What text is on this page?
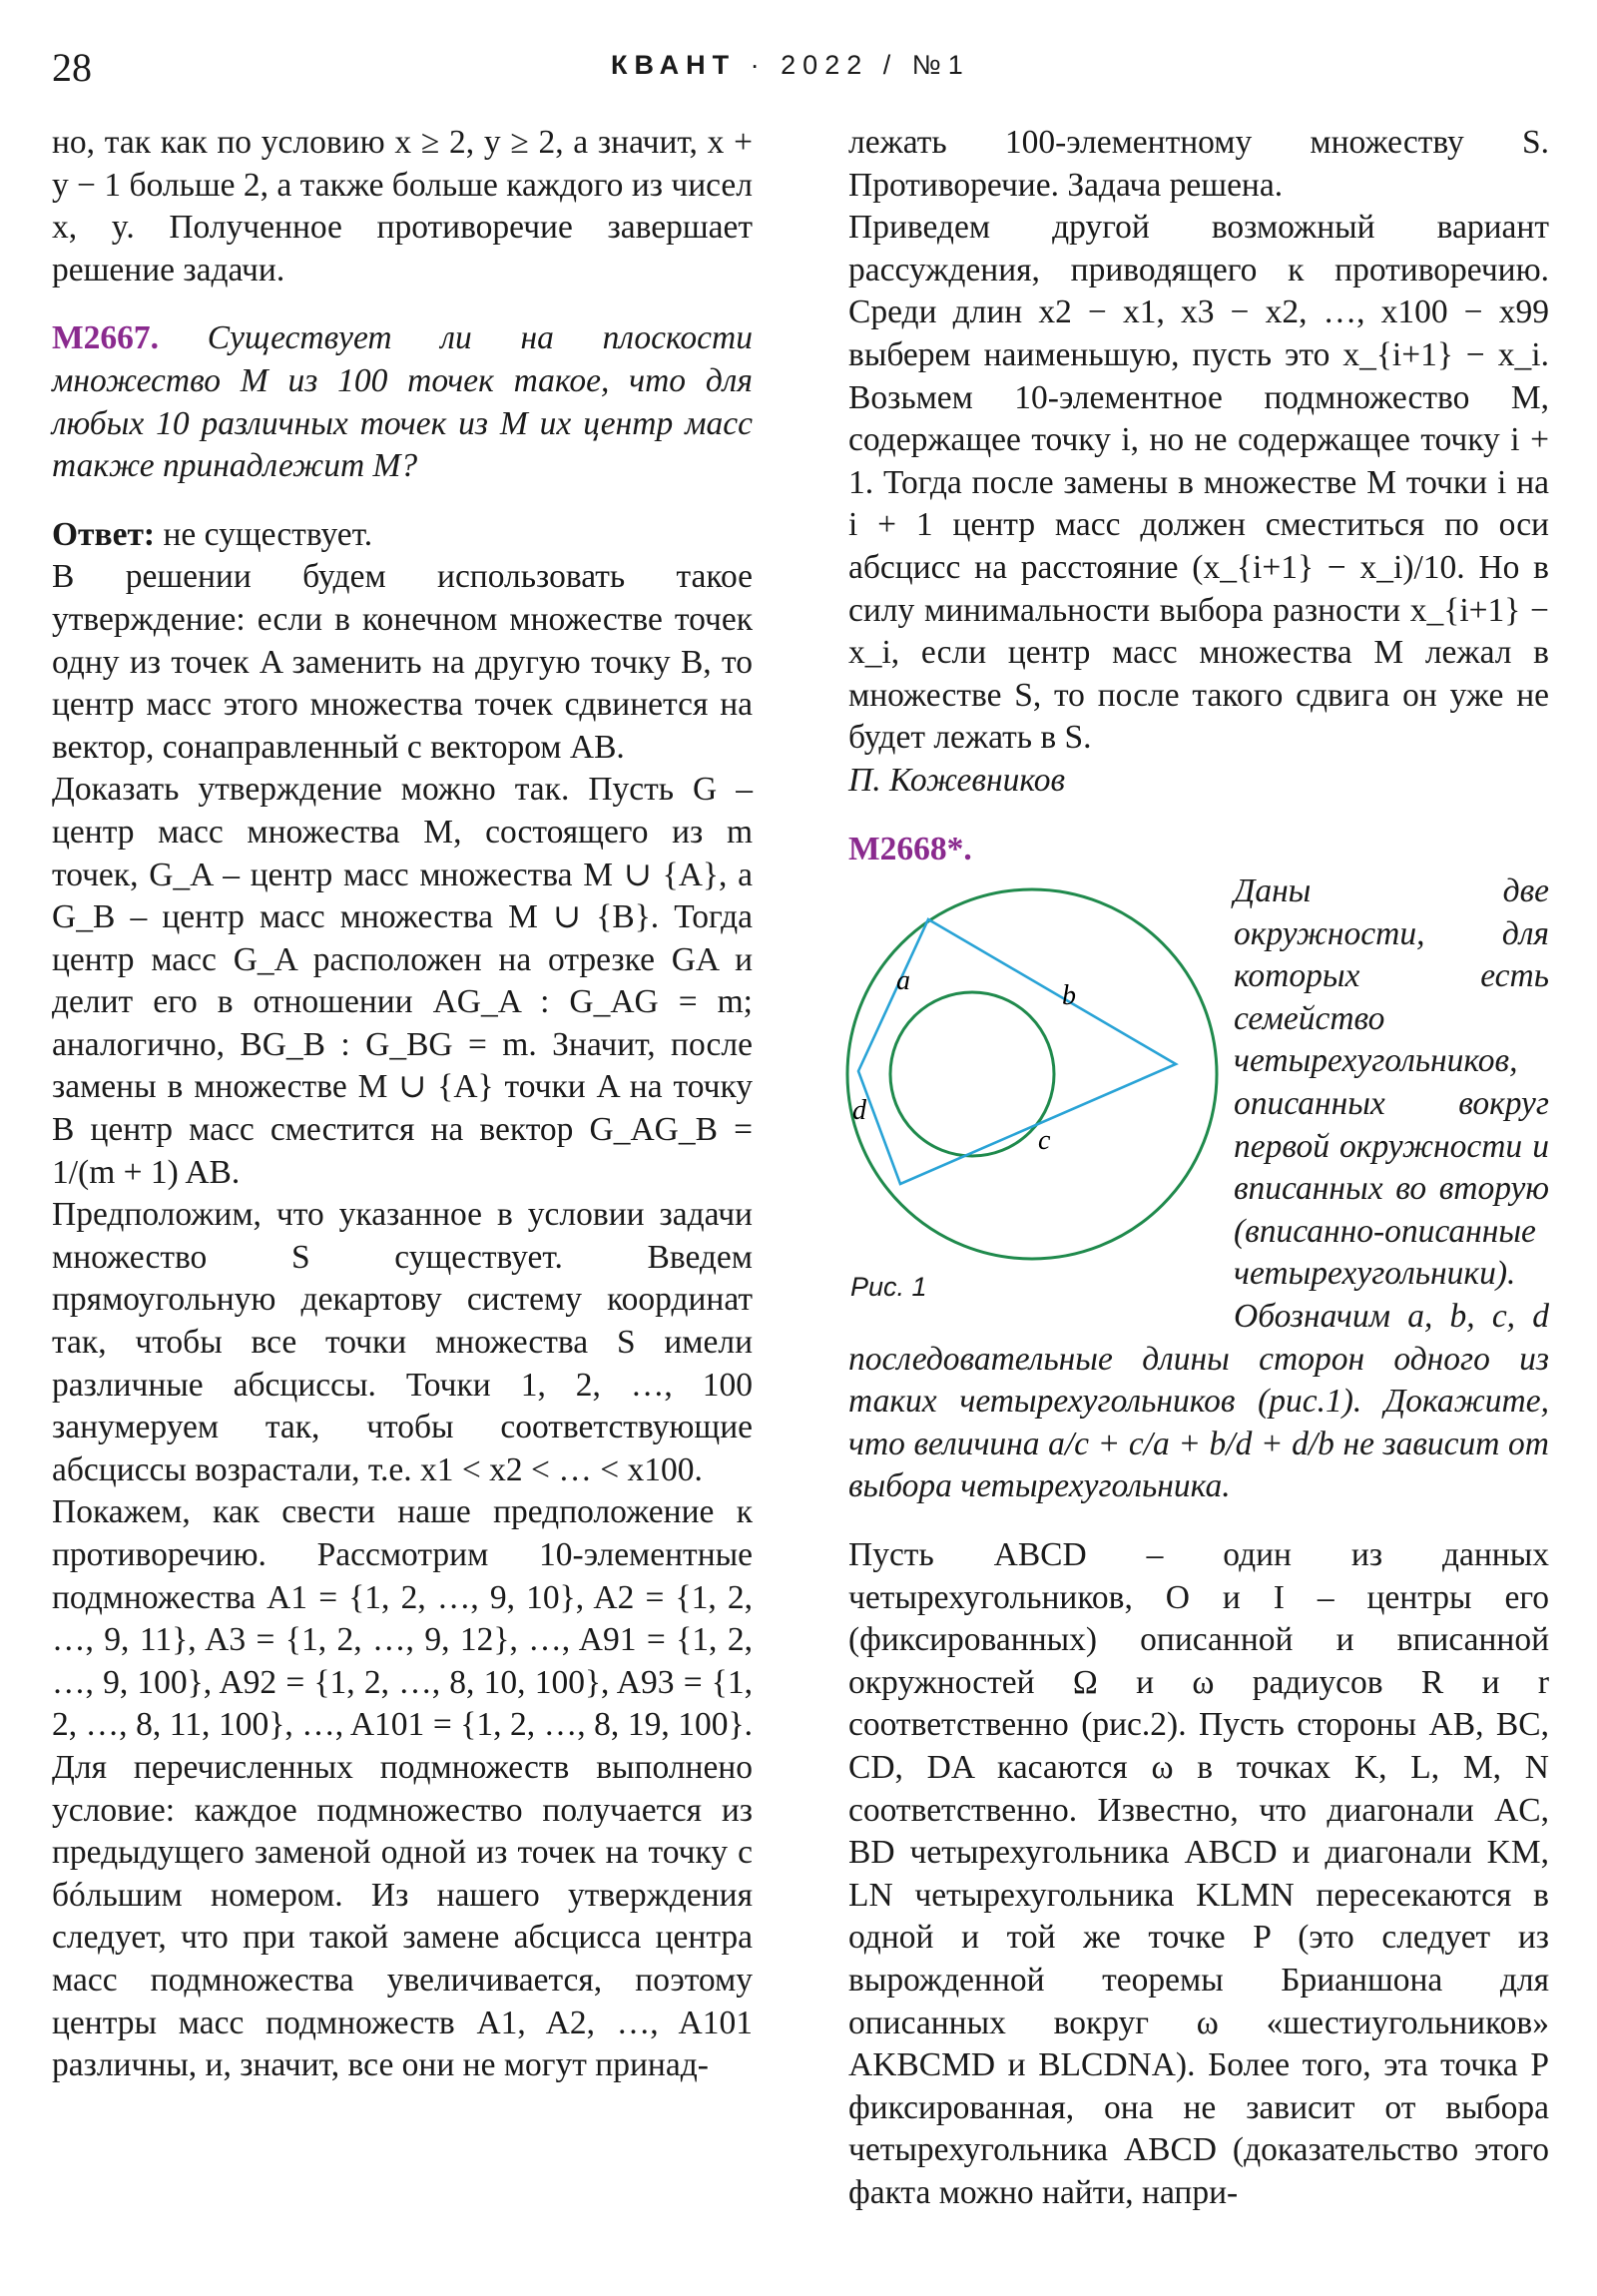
28	КВАНТ · 2022 / №1

но, так как по условию x ≥ 2, y ≥ 2, а значит, x + y − 1 больше 2, а также больше каждого из чисел x, y. Полученное противоречие завершает решение задачи.

М2667. Существует ли на плоскости множество M из 100 точек такое, что для любых 10 различных точек из M их центр масс также принадлежит M?

Ответ: не существует.

В решении будем использовать такое утверждение: если в конечном множестве точек одну из точек A заменить на другую точку B, то центр масс этого множества точек сдвинется на вектор, сонаправленный с вектором AB.

Доказать утверждение можно так. Пусть G – центр масс множества M, состоящего из m точек, G_A – центр масс множества M ∪ {A}, а G_B – центр масс множества M ∪ {B}. Тогда центр масс G_A расположен на отрезке GA и делит его в отношении AG_A : G_AG = m; аналогично, BG_B : G_BG = m. Значит, после замены в множестве M ∪ {A} точки A на точку B центр масс сместится на вектор G_AG_B = 1/(m + 1) AB.

Предположим, что указанное в условии задачи множество S существует. Введем прямоугольную декартову систему координат так, чтобы все точки множества S имели различные абсциссы. Точки 1, 2, …, 100 занумеруем так, чтобы соответствующие абсциссы возрастали, т.е. x1 < x2 < … < x100.

Покажем, как свести наше предположение к противоречию. Рассмотрим 10-элементные подмножества A1 = {1, 2, …, 9, 10}, A2 = {1, 2, …, 9, 11}, A3 = {1, 2, …, 9, 12}, …, A91 = {1, 2, …, 9, 100}, A92 = {1, 2, …, 8, 10, 100}, A93 = {1, 2, …, 8, 11, 100}, …, A101 = {1, 2, …, 8, 19, 100}. Для перечисленных подмножеств выполнено условие: каждое подмножество получается из предыдущего заменой одной из точек на точку с бóльшим номером. Из нашего утверждения следует, что при такой замене абсцисса центра масс подмножества увеличивается, поэтому центры масс подмножеств A1, A2, …, A101 различны, и, значит, все они не могут принад-

лежать 100-элементному множеству S. Противоречие. Задача решена.

Приведем другой возможный вариант рассуждения, приводящего к противоречию. Среди длин x2 − x1, x3 − x2, …, x100 − x99 выберем наименьшую, пусть это x_{i+1} − x_i. Возьмем 10-элементное подмножество M, содержащее точку i, но не содержащее точку i + 1. Тогда после замены в множестве M точки i на i + 1 центр масс должен сместиться по оси абсцисс на расстояние (x_{i+1} − x_i)/10. Но в силу минимальности выбора разности x_{i+1} − x_i, если центр масс множества M лежал в множестве S, то после такого сдвига он уже не будет лежать в S.

П. Кожевников

М2668*.

a	b
c
d
Рис. 1

Даны две окружности, для которых есть семейство четырехугольников, описанных вокруг первой окружности и вписанных во вторую (вписанно-описанные четырехугольники). Обозначим a, b, c, d последовательные длины сторон одного из таких четырехугольников (рис.1). Докажите, что величина a/c + c/a + b/d + d/b не зависит от выбора четырехугольника.

Пусть ABCD – один из данных четырехугольников, O и I – центры его (фиксированных) описанной и вписанной окружностей Ω и ω радиусов R и r соответственно (рис.2). Пусть стороны AB, BC, CD, DA касаются ω в точках K, L, M, N соответственно. Известно, что диагонали AC, BD четырехугольника ABCD и диагонали KM, LN четырехугольника KLMN пересекаются в одной и той же точке P (это следует из вырожденной теоремы Брианшона для описанных вокруг ω «шестиугольников» AKBCMD и BLCDNA). Более того, эта точка P фиксированная, она не зависит от выбора четырехугольника ABCD (доказательство этого факта можно найти, напри-
